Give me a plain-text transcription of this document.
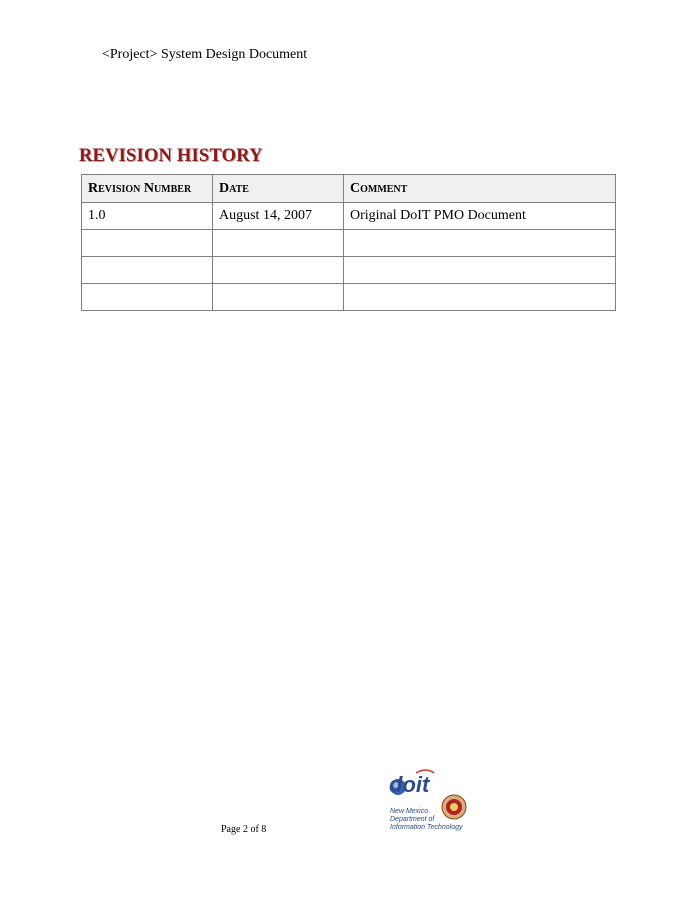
<Project> System Design Document
REVISION HISTORY
Revision Number	Date	Comment
1.0	August 14, 2007	Original DoIT PMO Document

Page 2 of 8
doit
New Mexico
Department of
Information Technology
